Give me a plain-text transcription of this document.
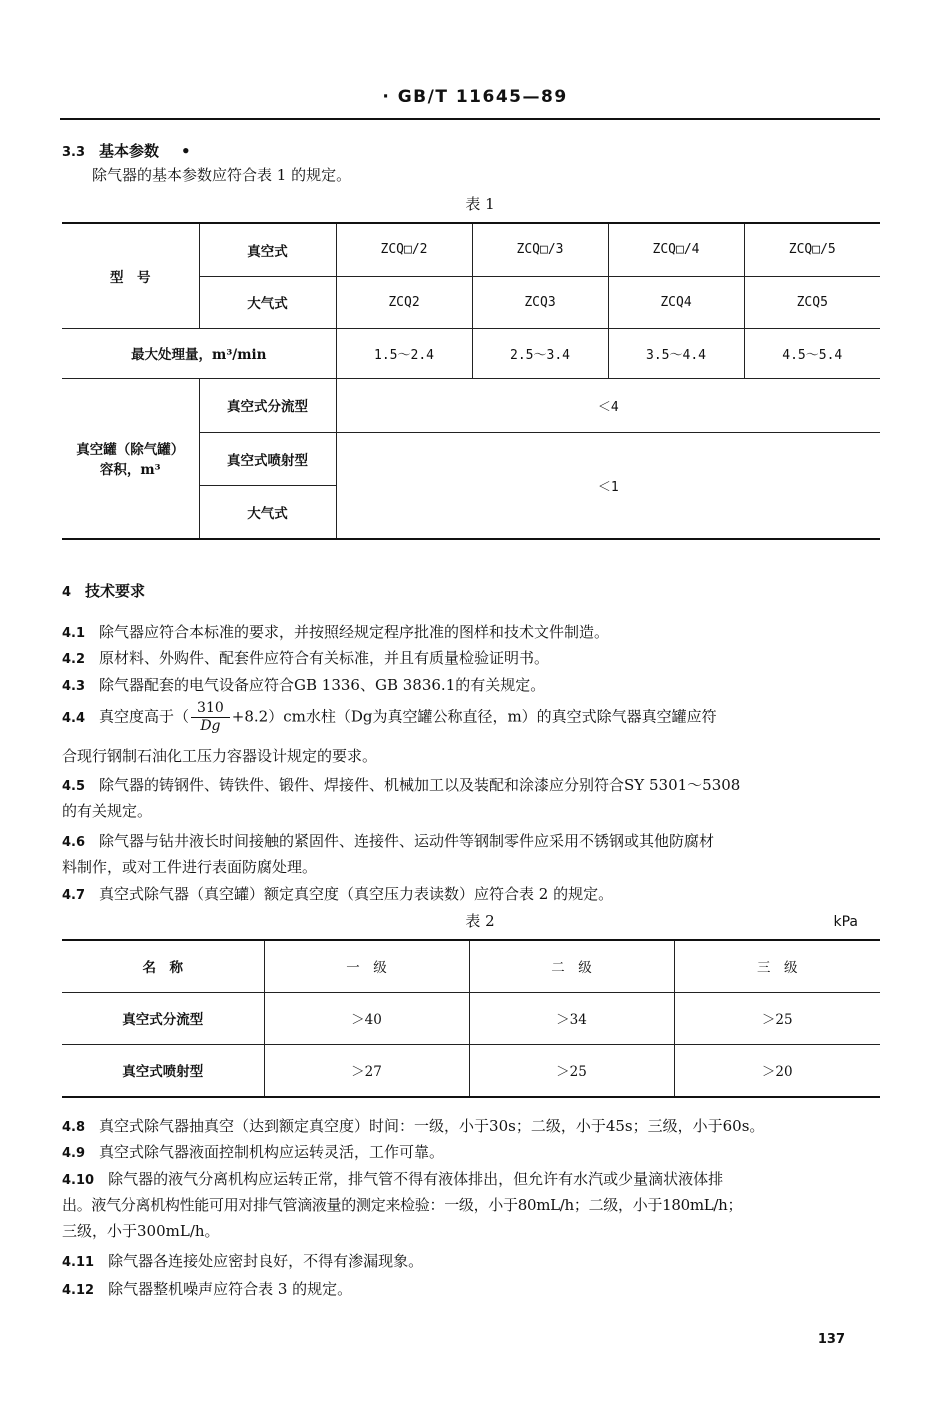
· GB/T 11645—89
3.3 基本参数 •
除气器的基本参数应符合表 1 的规定。
表 1
型　号	真空式	ZCQ□/2	ZCQ□/3	ZCQ□/4	ZCQ□/5
	大气式	ZCQ2	ZCQ3	ZCQ4	ZCQ5
最大处理量，m³/min		1.5～2.4	2.5～3.4	3.5～4.4	4.5～5.4
真空罐（除气罐）容积，m³	真空式分流型	＜4			
	真空式喷射型	＜1			
	大气式				
4 技术要求
4.1 除气器应符合本标准的要求，并按照经规定程序批准的图样和技术文件制造。
4.2 原材料、外购件、配套件应符合有关标准，并且有质量检验证明书。
4.3 除气器配套的电气设备应符合GB 1336、GB 3836.1的有关规定。
4.4 真空度高于（ $\frac{310}{Dg} +8.2)cm$水柱（Dg为真空罐公称直径，m）的真空式除气器真空罐应符
合现行钢制石油化工压力容器设计规定的要求。
4.5 除气器的铸钢件、铸铁件、锻件、焊接件、机械加工以及装配和涂漆应分别符合SY 5301～5308
的有关规定。
4.6 除气器与钻井液长时间接触的紧固件、连接件、运动件等钢制零件应采用不锈钢或其他防腐材
料制作，或对工件进行表面防腐处理。
4.7 真空式除气器（真空罐）额定真空度（真空压力表读数）应符合表 2 的规定。
表 2	kPa
名　称	一　级	二　级	三　级
真空式分流型	＞40	＞34	＞25
真空式喷射型	＞27	＞25	＞20
4.8 真空式除气器抽真空（达到额定真空度）时间：一级，小于30s；二级，小于45s；三级，小于60s。
4.9 真空式除气器液面控制机构应运转灵活，工作可靠。
4.10 除气器的液气分离机构应运转正常，排气管不得有液体排出，但允许有水汽或少量滴状液体排
出。液气分离机构性能可用对排气管滴液量的测定来检验：一级，小于80mL/h；二级，小于180mL/h；
三级，小于300mL/h。
4.11 除气器各连接处应密封良好，不得有渗漏现象。
4.12 除气器整机噪声应符合表 3 的规定。
137
